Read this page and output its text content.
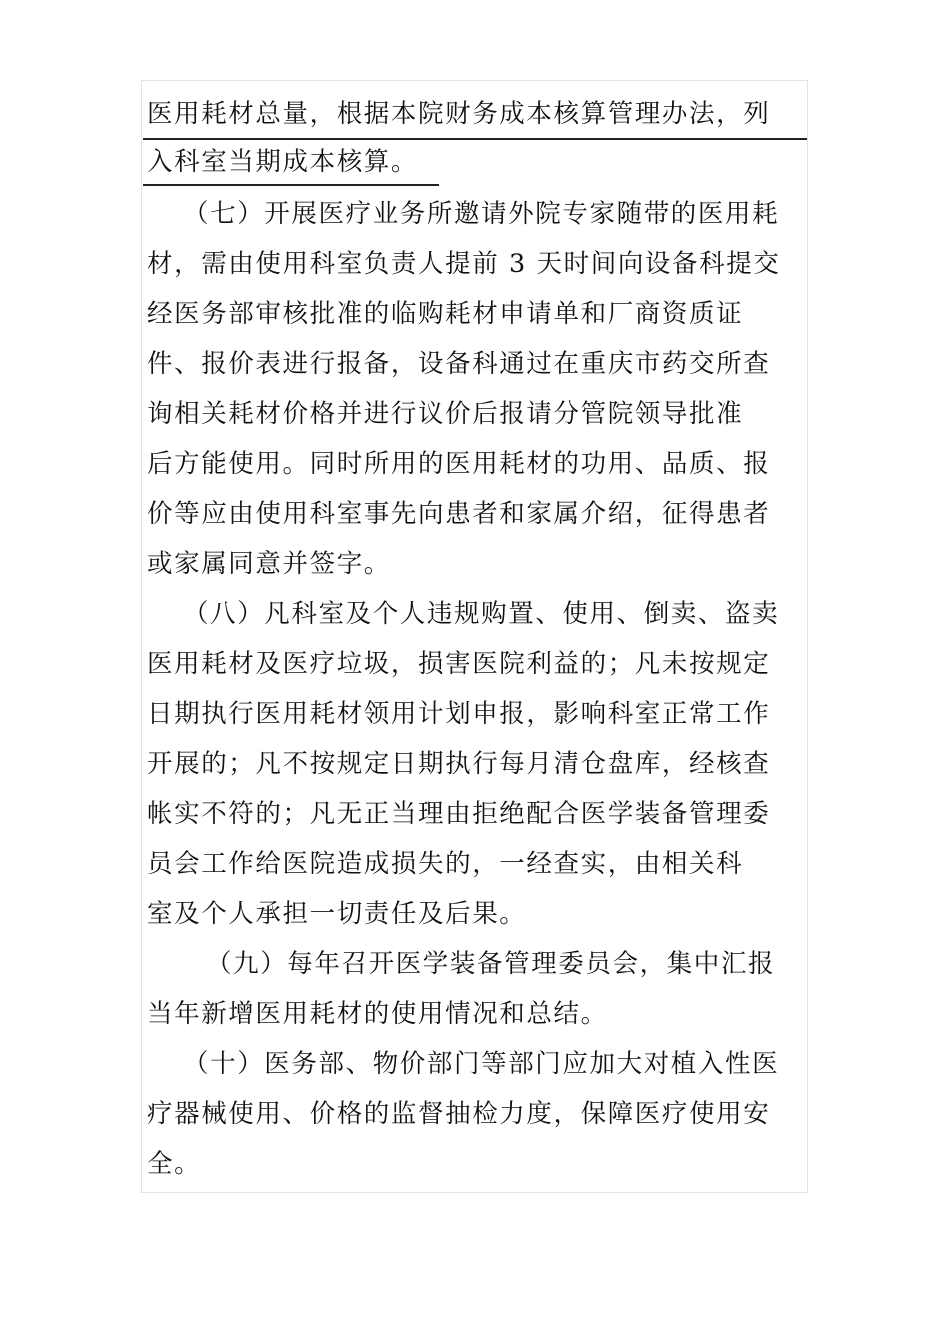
医用耗材总量，根据本院财务成本核算管理办法，列
入科室当期成本核算。
（七）开展医疗业务所邀请外院专家随带的医用耗
材，需由使用科室负责人提前 3 天时间向设备科提交
经医务部审核批准的临购耗材申请单和厂商资质证
件、报价表进行报备，设备科通过在重庆市药交所查
询相关耗材价格并进行议价后报请分管院领导批准
后方能使用。同时所用的医用耗材的功用、品质、报
价等应由使用科室事先向患者和家属介绍，征得患者
或家属同意并签字。
（八）凡科室及个人违规购置、使用、倒卖、盗卖
医用耗材及医疗垃圾，损害医院利益的；凡未按规定
日期执行医用耗材领用计划申报，影响科室正常工作
开展的；凡不按规定日期执行每月清仓盘库，经核查
帐实不符的；凡无正当理由拒绝配合医学装备管理委
员会工作给医院造成损失的，一经查实，由相关科
室及个人承担一切责任及后果。
（九）每年召开医学装备管理委员会，集中汇报
当年新增医用耗材的使用情况和总结。
（十）医务部、物价部门等部门应加大对植入性医
疗器械使用、价格的监督抽检力度，保障医疗使用安
全。
